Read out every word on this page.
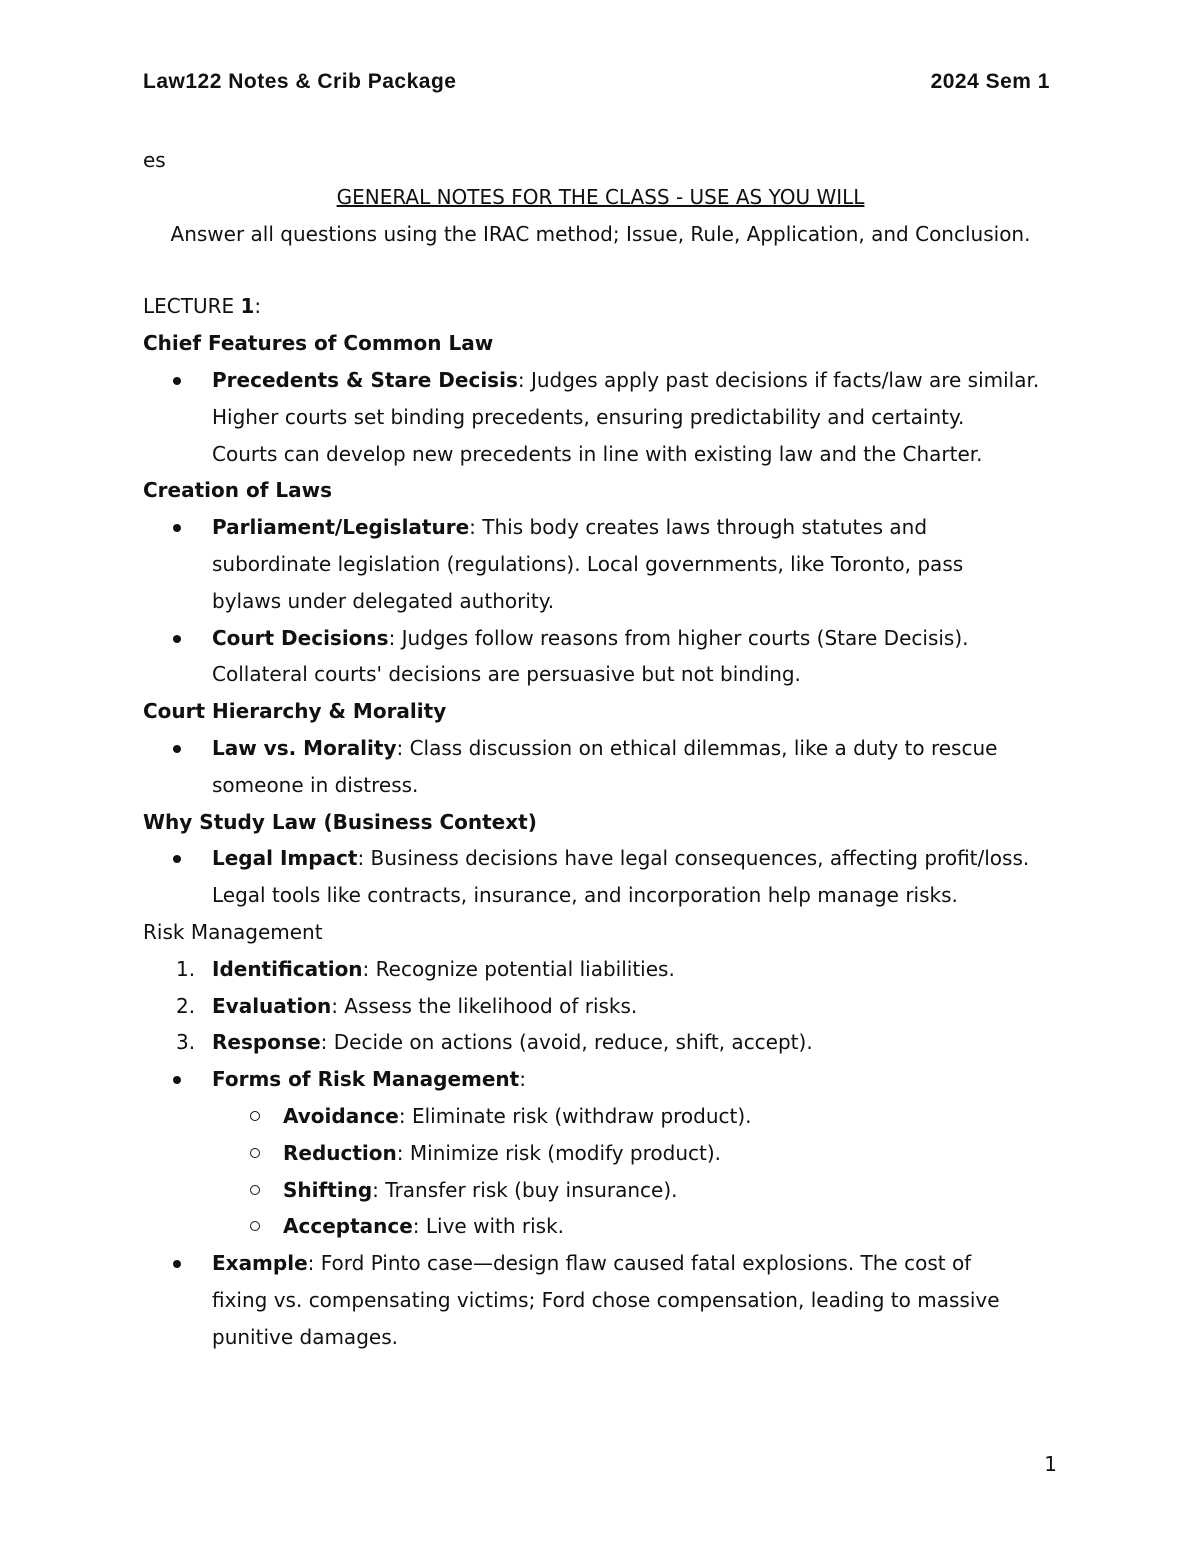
Law122 Notes & Crib Package	2024 Sem 1
es
GENERAL NOTES FOR THE CLASS - USE AS YOU WILL
Answer all questions using the IRAC method; Issue, Rule, Application, and Conclusion.
LECTURE 1:
Chief Features of Common Law
Precedents & Stare Decisis: Judges apply past decisions if facts/law are similar.
Higher courts set binding precedents, ensuring predictability and certainty.
Courts can develop new precedents in line with existing law and the Charter.
Creation of Laws
Parliament/Legislature: This body creates laws through statutes and
subordinate legislation (regulations). Local governments, like Toronto, pass
bylaws under delegated authority.
Court Decisions: Judges follow reasons from higher courts (Stare Decisis).
Collateral courts' decisions are persuasive but not binding.
Court Hierarchy & Morality
Law vs. Morality: Class discussion on ethical dilemmas, like a duty to rescue
someone in distress.
Why Study Law (Business Context)
Legal Impact: Business decisions have legal consequences, affecting profit/loss.
Legal tools like contracts, insurance, and incorporation help manage risks.
Risk Management
1. Identification: Recognize potential liabilities.
2. Evaluation: Assess the likelihood of risks.
3. Response: Decide on actions (avoid, reduce, shift, accept).
Forms of Risk Management:
Avoidance: Eliminate risk (withdraw product).
Reduction: Minimize risk (modify product).
Shifting: Transfer risk (buy insurance).
Acceptance: Live with risk.
Example: Ford Pinto case—design flaw caused fatal explosions. The cost of
fixing vs. compensating victims; Ford chose compensation, leading to massive
punitive damages.
1
